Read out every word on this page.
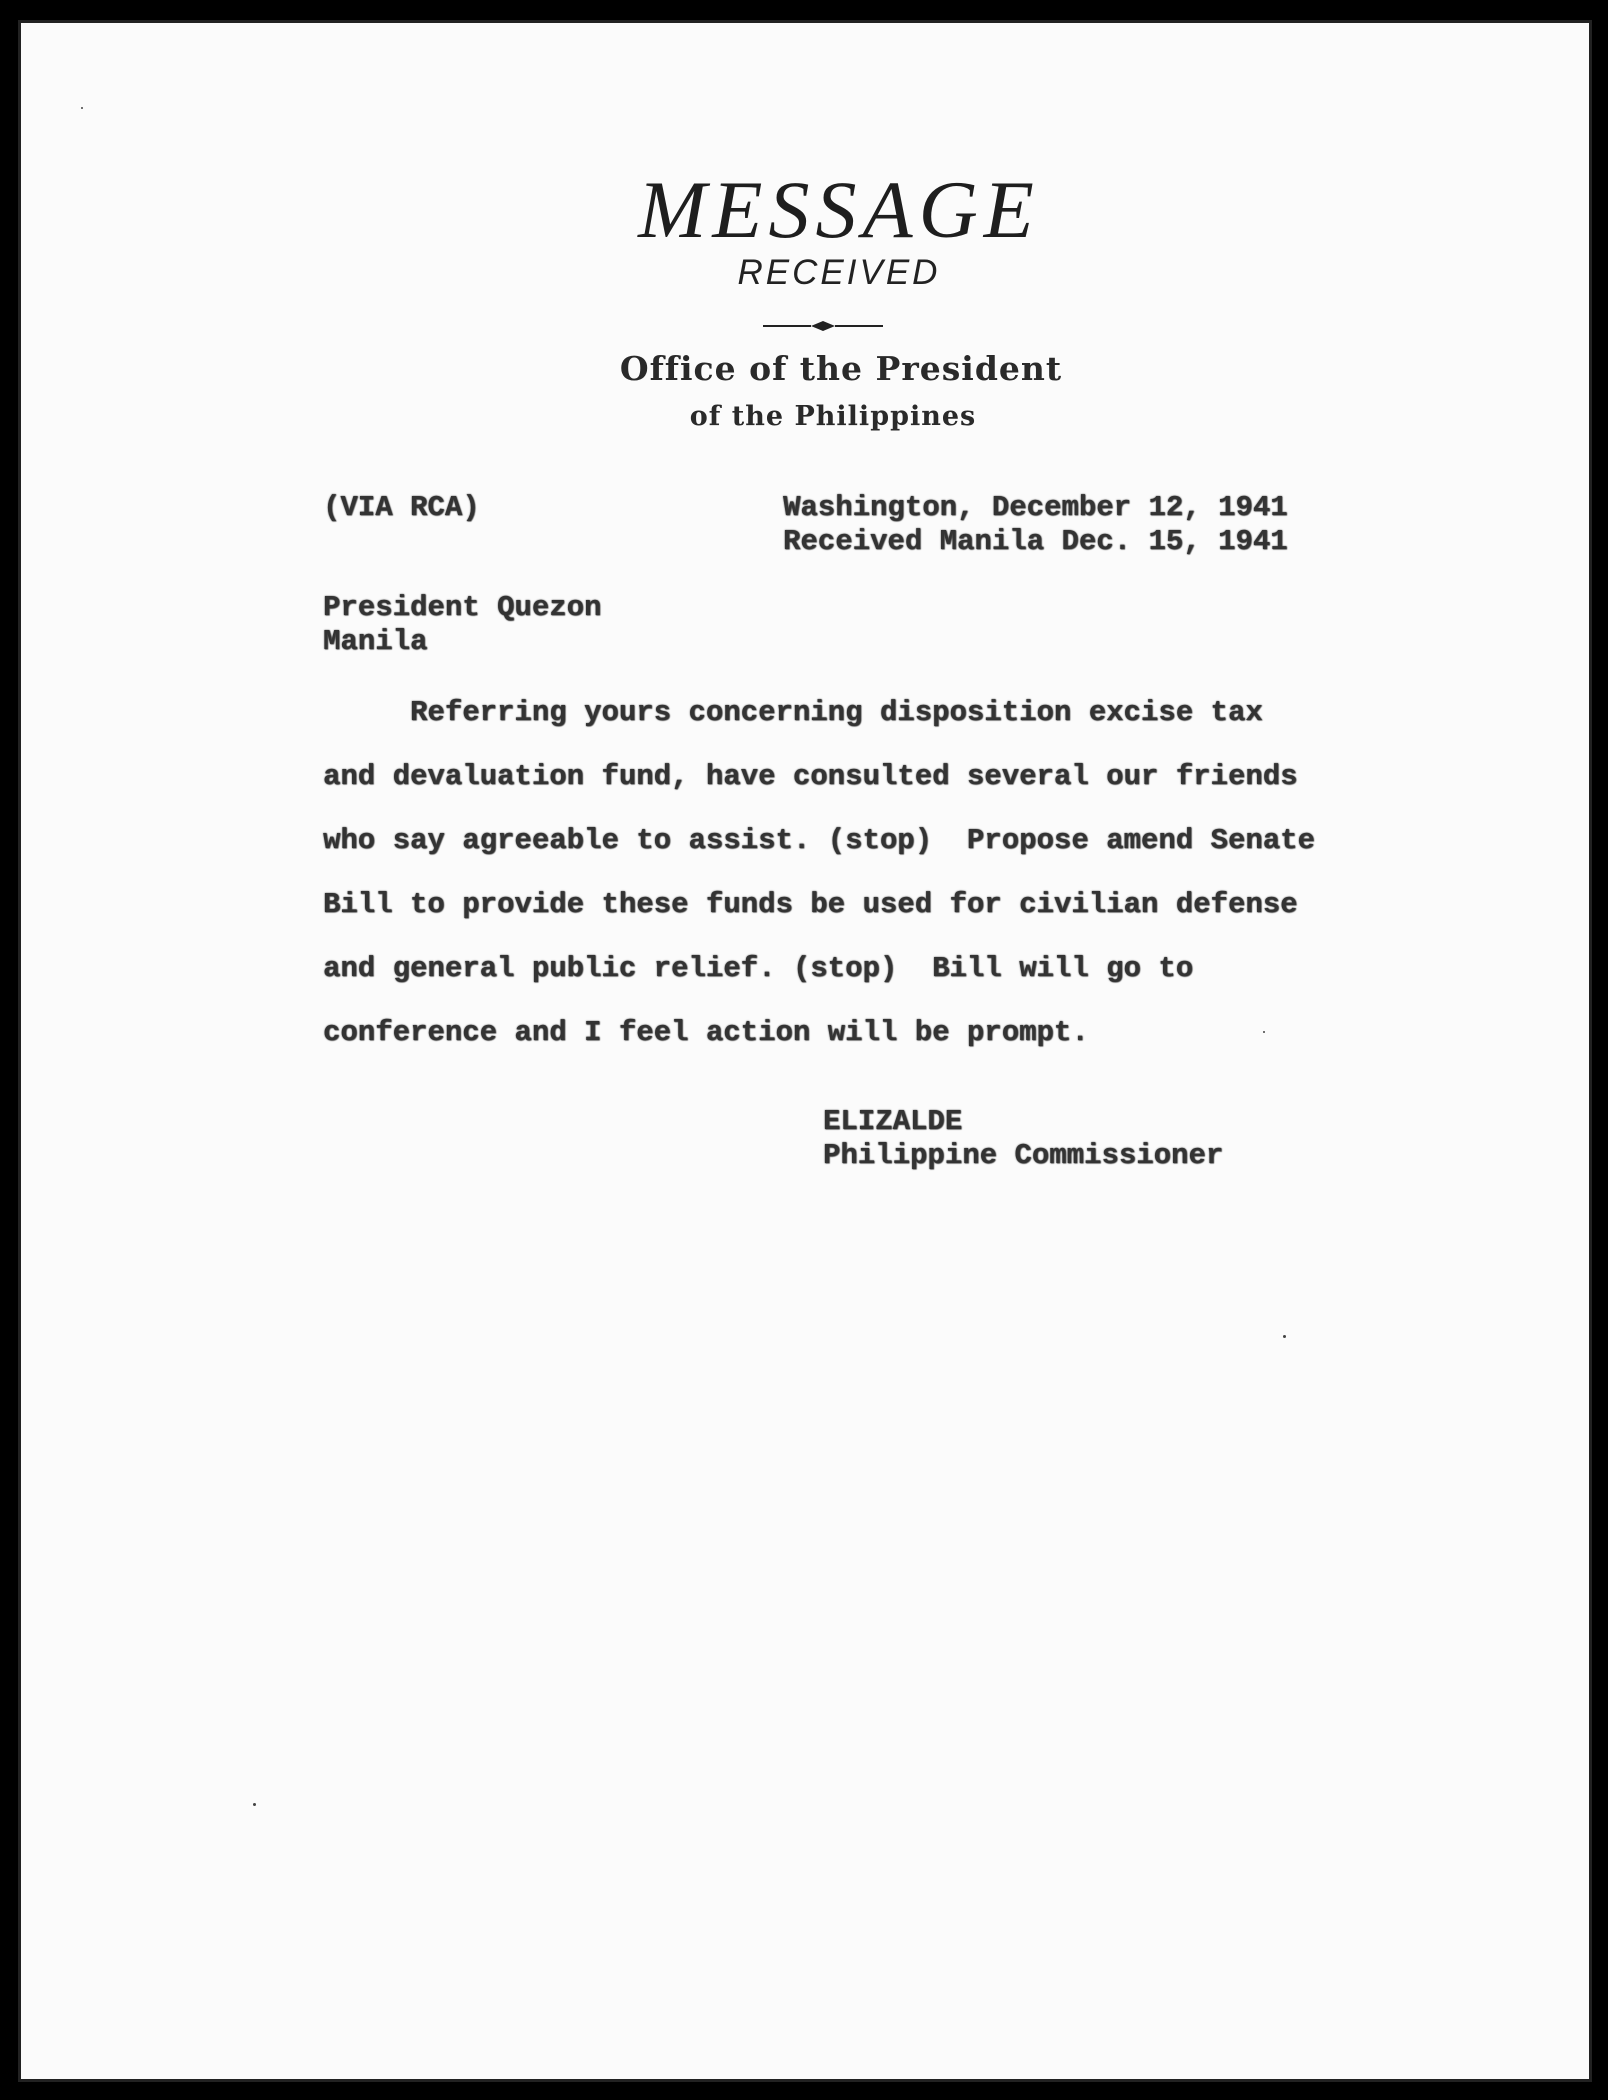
MESSAGE
RECEIVED
Office of the President
of the Philippines
(VIA RCA)	Washington, December 12, 1941
Received Manila Dec. 15, 1941
President Quezon
Manila
Referring yours concerning disposition excise tax
and devaluation fund, have consulted several our friends
who say agreeable to assist. (stop)  Propose amend Senate
Bill to provide these funds be used for civilian defense
and general public relief. (stop)  Bill will go to
conference and I feel action will be prompt.
ELIZALDE
Philippine Commissioner
